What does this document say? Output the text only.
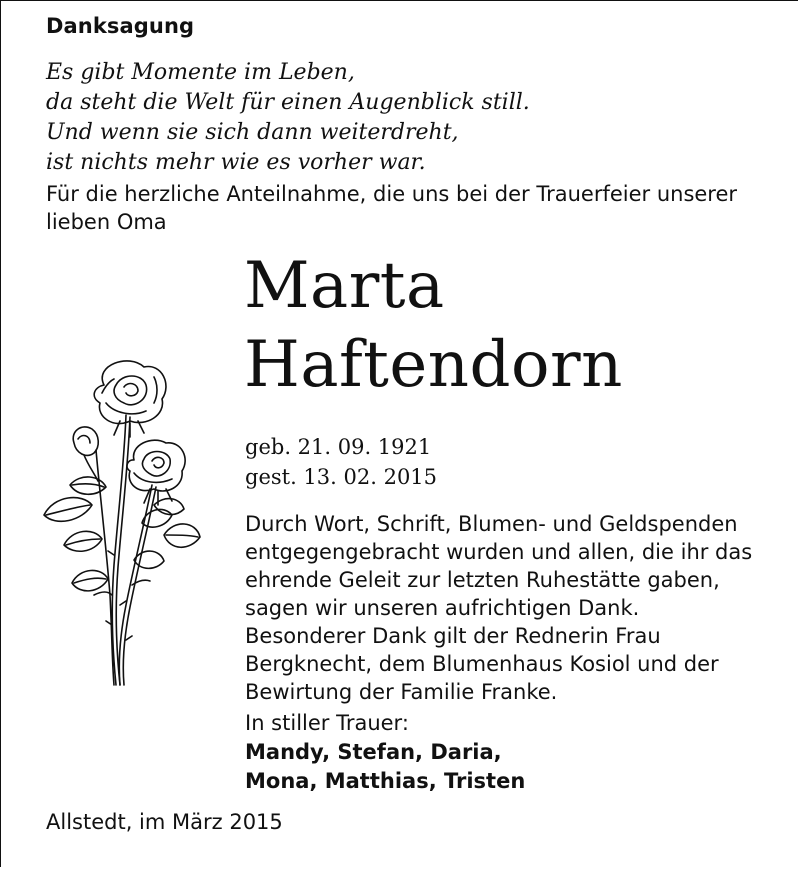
Danksagung
Es gibt Momente im Leben,
da steht die Welt für einen Augenblick still.
Und wenn sie sich dann weiterdreht,
ist nichts mehr wie es vorher war.
Für die herzliche Anteilnahme, die uns bei der Trauerfeier unserer lieben Oma
Marta
Haftendorn
geb. 21. 09. 1921
gest. 13. 02. 2015
Durch Wort, Schrift, Blumen- und Geldspenden
entgegengebracht wurden und allen, die ihr das
ehrende Geleit zur letzten Ruhestätte gaben,
sagen wir unseren aufrichtigen Dank.
Besonderer Dank gilt der Rednerin Frau
Bergknecht, dem Blumenhaus Kosiol und der
Bewirtung der Familie Franke.
In stiller Trauer:
Mandy, Stefan, Daria,
Mona, Matthias, Tristen
Allstedt, im März 2015
